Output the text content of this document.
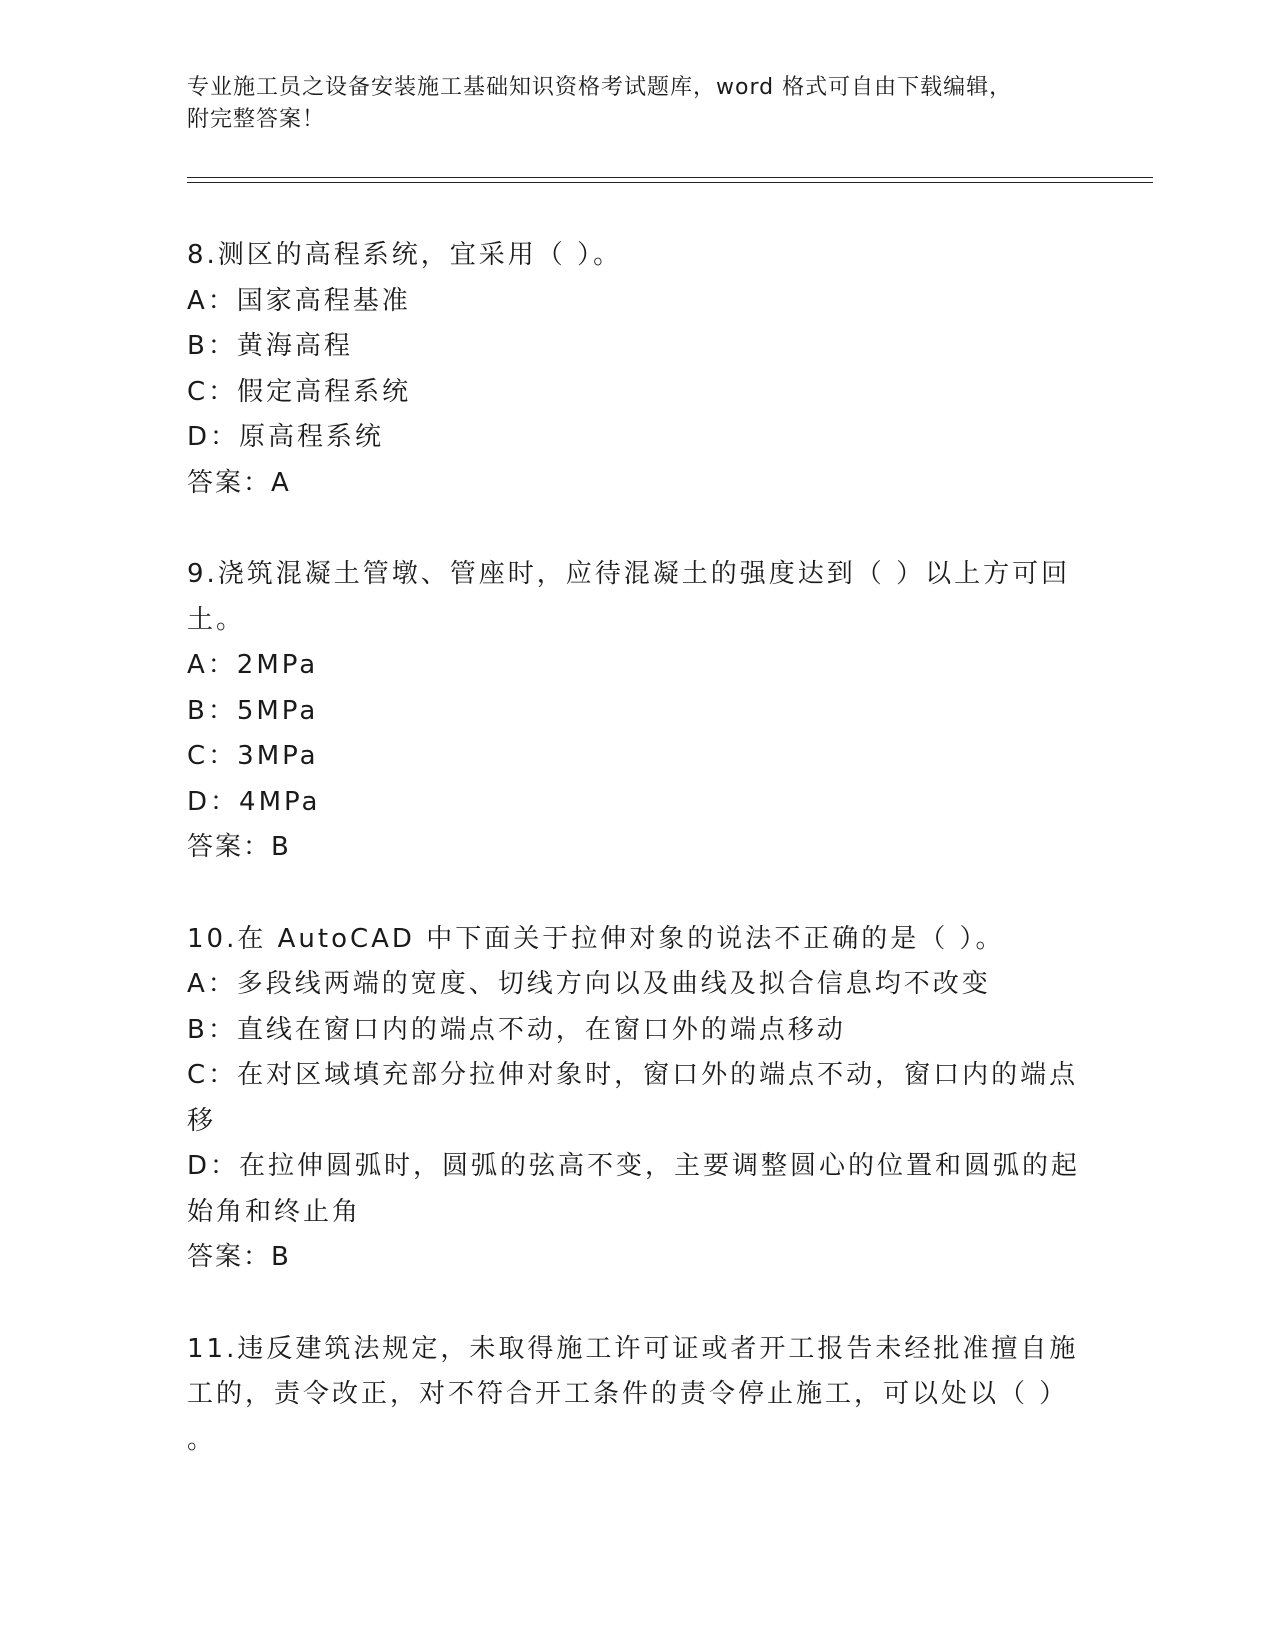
专业施工员之设备安装施工基础知识资格考试题库，word 格式可自由下载编辑，
附完整答案！
8.测区的高程系统，宜采用（ ）。
A：国家高程基准
B：黄海高程
C：假定高程系统
D：原高程系统
答案：A
9.浇筑混凝土管墩、管座时，应待混凝土的强度达到（ ）以上方可回
土。
A：2MPa
B：5MPa
C：3MPa
D：4MPa
答案：B
10.在 AutoCAD 中下面关于拉伸对象的说法不正确的是（ ）。
A：多段线两端的宽度、切线方向以及曲线及拟合信息均不改变
B：直线在窗口内的端点不动，在窗口外的端点移动
C：在对区域填充部分拉伸对象时，窗口外的端点不动，窗口内的端点
移
D：在拉伸圆弧时，圆弧的弦高不变，主要调整圆心的位置和圆弧的起
始角和终止角
答案：B
11.违反建筑法规定，未取得施工许可证或者开工报告未经批准擅自施
工的，责令改正，对不符合开工条件的责令停止施工，可以处以（ ）
。
